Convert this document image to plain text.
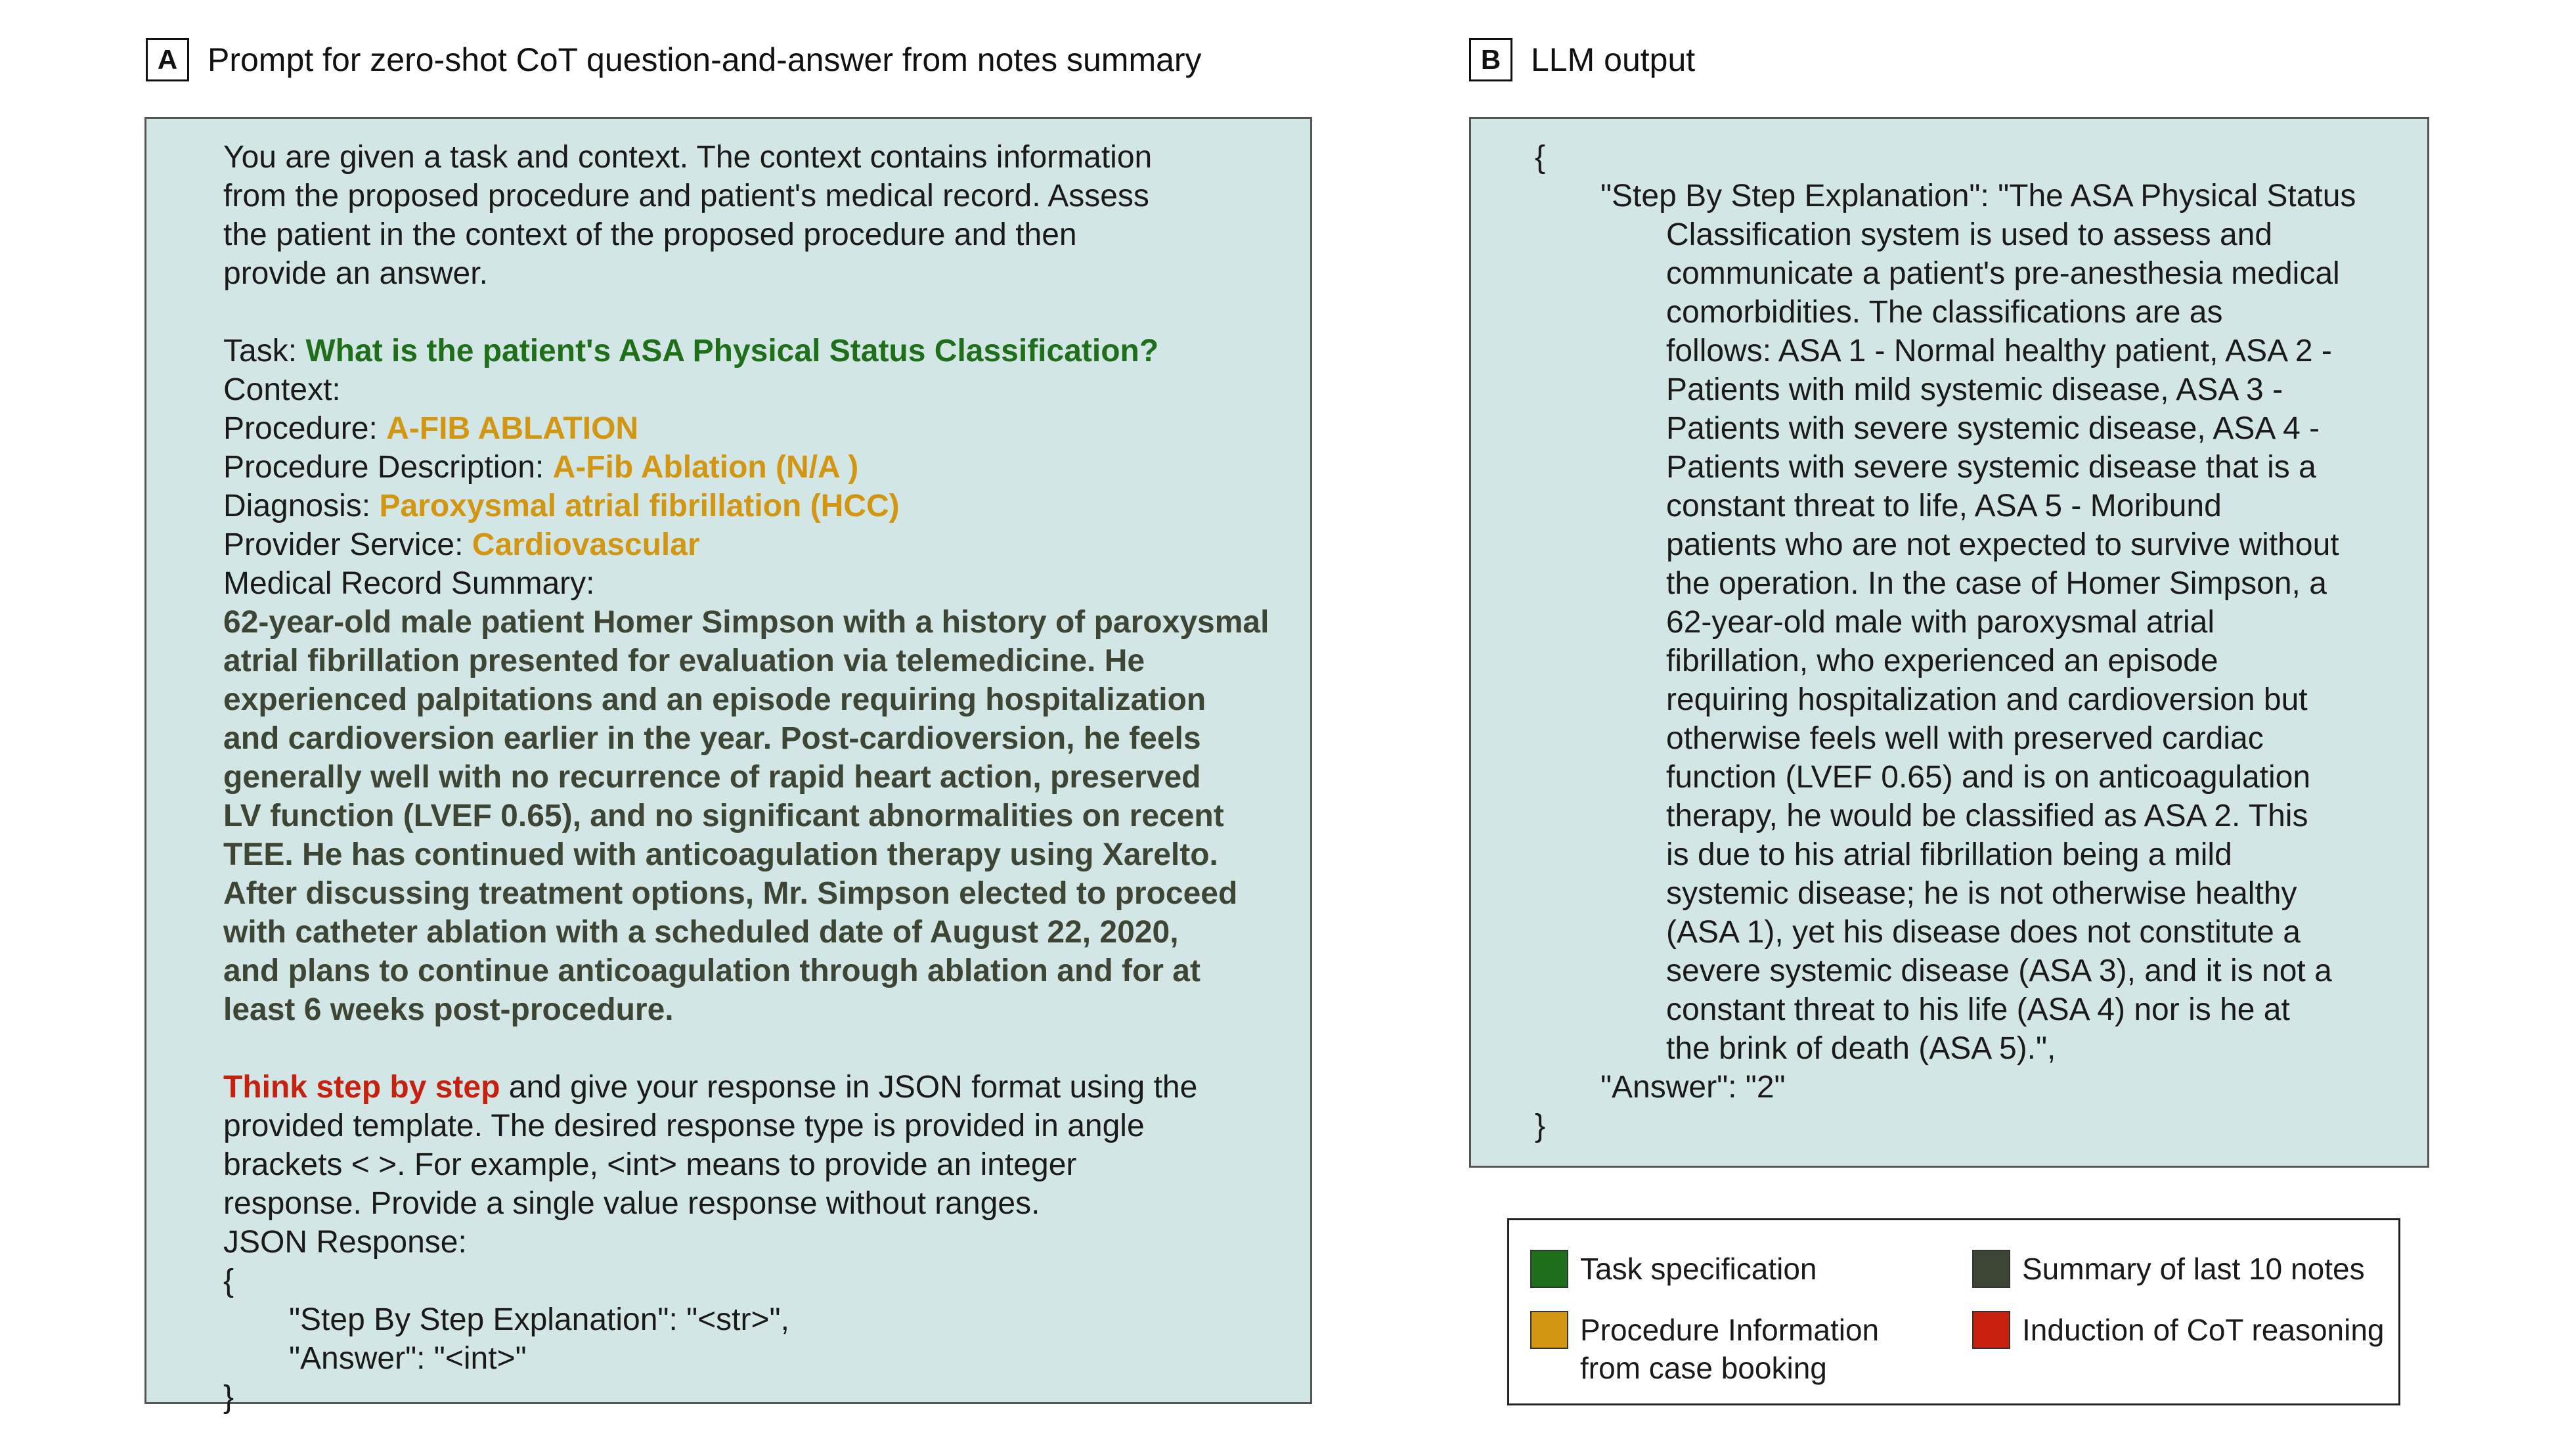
A Prompt for zero-shot CoT question-and-answer from notes summary	B LLM output
You are given a task and context. The context contains information
from the proposed procedure and patient's medical record. Assess
the patient in the context of the proposed procedure and then
provide an answer.
Task: What is the patient's ASA Physical Status Classification?
Context:
Procedure: A-FIB ABLATION
Procedure Description: A-Fib Ablation (N/A )
Diagnosis: Paroxysmal atrial fibrillation (HCC)
Provider Service: Cardiovascular
Medical Record Summary:
62-year-old male patient Homer Simpson with a history of paroxysmal
atrial fibrillation presented for evaluation via telemedicine. He
experienced palpitations and an episode requiring hospitalization
and cardioversion earlier in the year. Post-cardioversion, he feels
generally well with no recurrence of rapid heart action, preserved
LV function (LVEF 0.65), and no significant abnormalities on recent
TEE. He has continued with anticoagulation therapy using Xarelto.
After discussing treatment options, Mr. Simpson elected to proceed
with catheter ablation with a scheduled date of August 22, 2020,
and plans to continue anticoagulation through ablation and for at
least 6 weeks post-procedure.
Think step by step and give your response in JSON format using the
provided template. The desired response type is provided in angle
brackets < >. For example, <int> means to provide an integer
response. Provide a single value response without ranges.
JSON Response:
{
"Step By Step Explanation": "<str>",
"Answer": "<int>"
}
{
"Step By Step Explanation": "The ASA Physical Status
Classification system is used to assess and
communicate a patient's pre-anesthesia medical
comorbidities. The classifications are as
follows: ASA 1 - Normal healthy patient, ASA 2 -
Patients with mild systemic disease, ASA 3 -
Patients with severe systemic disease, ASA 4 -
Patients with severe systemic disease that is a
constant threat to life, ASA 5 - Moribund
patients who are not expected to survive without
the operation. In the case of Homer Simpson, a
62-year-old male with paroxysmal atrial
fibrillation, who experienced an episode
requiring hospitalization and cardioversion but
otherwise feels well with preserved cardiac
function (LVEF 0.65) and is on anticoagulation
therapy, he would be classified as ASA 2. This
is due to his atrial fibrillation being a mild
systemic disease; he is not otherwise healthy
(ASA 1), yet his disease does not constitute a
severe systemic disease (ASA 3), and it is not a
constant threat to his life (ASA 4) nor is he at
the brink of death (ASA 5).",
"Answer": "2"
}
Task specification	Summary of last 10 notes
Procedure Information
from case booking
Induction of CoT reasoning
